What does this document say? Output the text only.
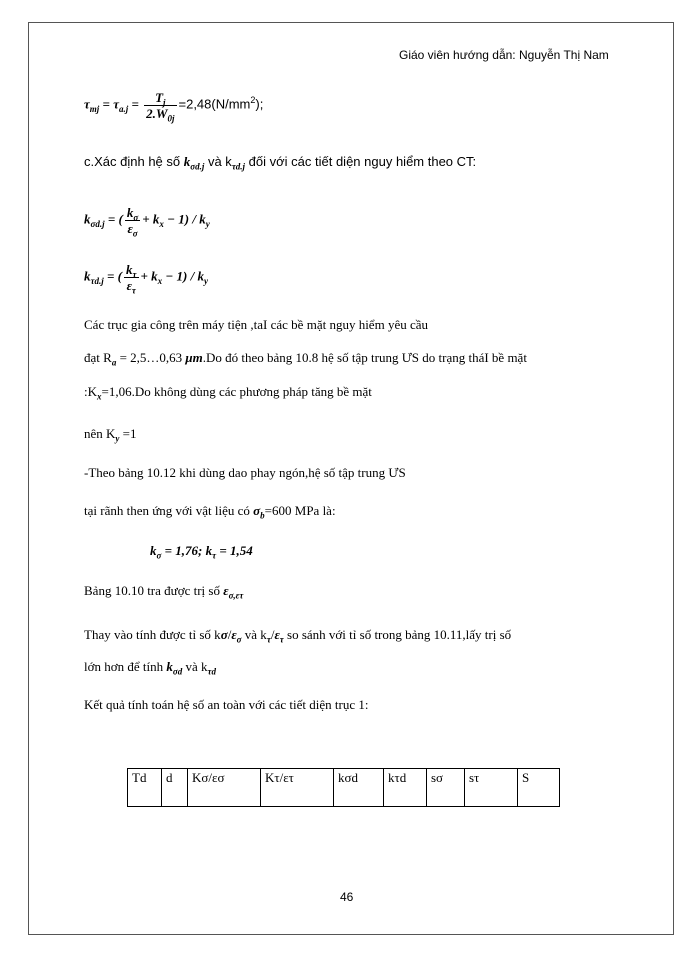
Giáo viên hướng dẫn: Nguyễn Thị Nam
$\tau_{mj} = \tau_{a.j} = \frac{T_j}{2.W_{0j}} =2,48(N/mm^2)$;
c.Xác định hệ số $k_{\sigma d.j}$ và $k_{\tau d.j}$ đối với các tiết diện nguy hiểm theo CT:
$k_{\sigma d.j}$ = ( $\frac{k_\sigma}{\varepsilon_\sigma} + k_x - 1) / k_y$
$k_{\tau d.j}$ = ( $\frac{k_\tau}{\varepsilon_\tau} + k_x - 1) / k_y$
Các trục gia công trên máy tiện ,taI các bề mặt nguy hiểm yêu cầu
đạt $R_a$ = 2,5…0,63 μm.Do đó theo bảng 10.8 hệ số tập trung ƯS do trạng tháI bề mặt
$:K_x=1,06.Do$ không dùng các phương pháp tăng bề mặt
nên $K_y =1$
-Theo bảng 10.12 khi dùng dao phay ngón,hệ số tập trung ƯS
tại rãnh then ứng với vật liệu có $\sigma_b=600$ MPa là:
$k_\sigma = 1,76$; $k_\tau = 1,54$
Bảng 10.10 tra được trị số $\varepsilon_{\sigma,\varepsilon\tau}$
Thay vào tính được tỉ số $k\sigma/\varepsilon_\sigma$ và $k_\tau/\varepsilon_\tau$ so sánh với tỉ số trong bảng 10.11,lấy trị số
lớn hơn để tính $k_{\sigma d}$ và $k_{\tau d}$
Kết quả tính toán hệ số an toàn với các tiết diện trục 1:
Td	d	Kσ/εσ	Kτ/ετ	kσd	kτd	sσ	sτ	S
46
